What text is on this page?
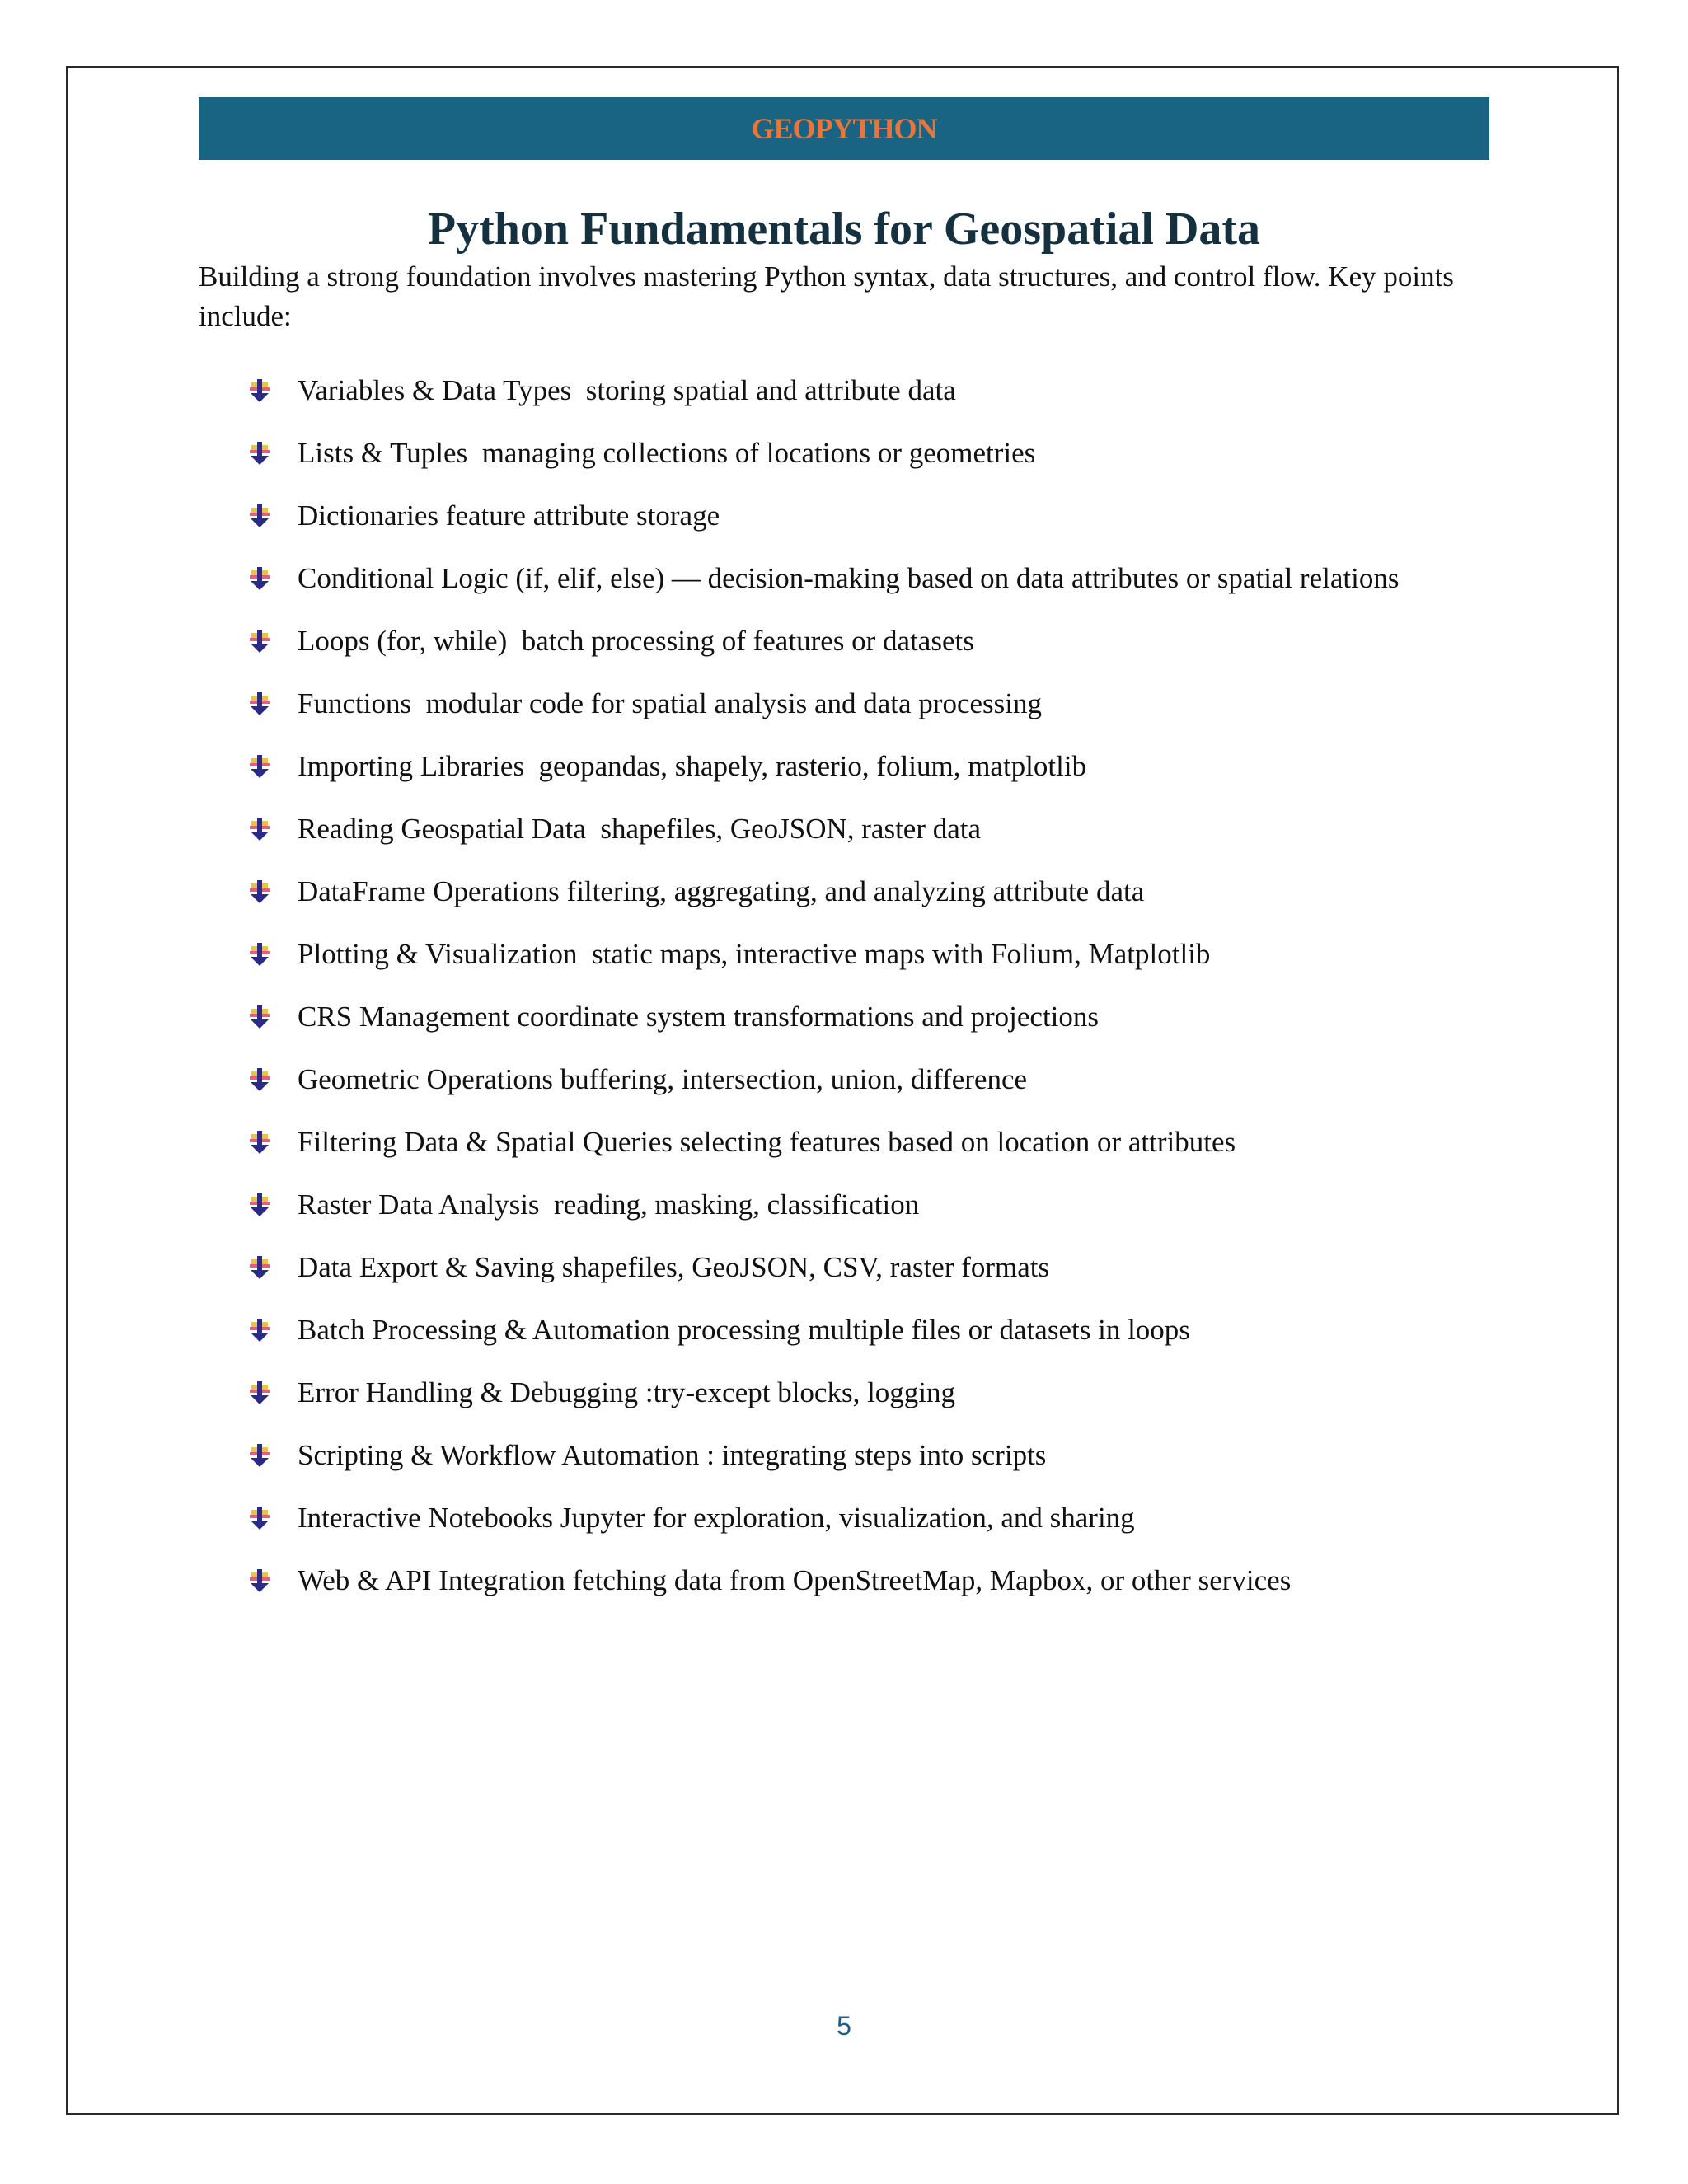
GEOPYTHON
Python Fundamentals for Geospatial Data

Building a strong foundation involves mastering Python syntax, data structures, and control flow. Key points include:

Variables & Data Types  storing spatial and attribute data
Lists & Tuples  managing collections of locations or geometries
Dictionaries feature attribute storage
Conditional Logic (if, elif, else) — decision-making based on data attributes or spatial relations
Loops (for, while)  batch processing of features or datasets
Functions  modular code for spatial analysis and data processing
Importing Libraries  geopandas, shapely, rasterio, folium, matplotlib
Reading Geospatial Data  shapefiles, GeoJSON, raster data
DataFrame Operations filtering, aggregating, and analyzing attribute data
Plotting & Visualization  static maps, interactive maps with Folium, Matplotlib
CRS Management coordinate system transformations and projections
Geometric Operations buffering, intersection, union, difference
Filtering Data & Spatial Queries selecting features based on location or attributes
Raster Data Analysis  reading, masking, classification
Data Export & Saving shapefiles, GeoJSON, CSV, raster formats
Batch Processing & Automation processing multiple files or datasets in loops
Error Handling & Debugging :try-except blocks, logging
Scripting & Workflow Automation : integrating steps into scripts
Interactive Notebooks Jupyter for exploration, visualization, and sharing
Web & API Integration fetching data from OpenStreetMap, Mapbox, or other services
5
